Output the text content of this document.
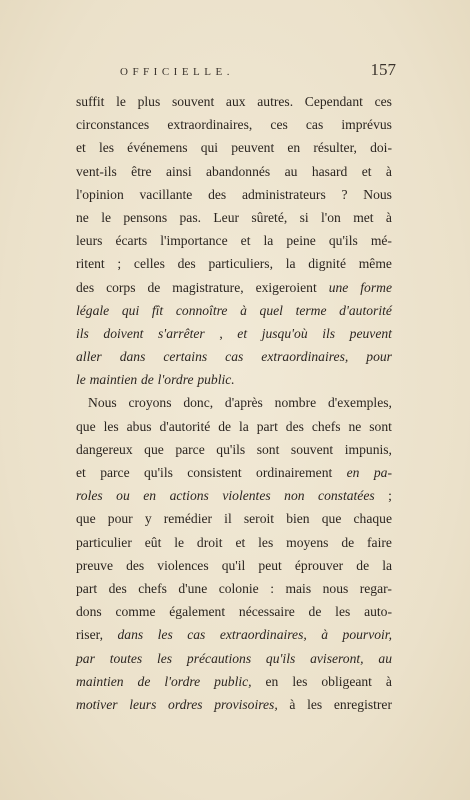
OFFICIELLE.	157
suffit le plus souvent aux autres. Cependant ces
circonstances extraordinaires, ces cas imprévus
et les événemens qui peuvent en résulter, doi-
vent-ils être ainsi abandonnés au hasard et à
l'opinion vacillante des administrateurs ? Nous
ne le pensons pas. Leur sûreté, si l'on met à
leurs écarts l'importance et la peine qu'ils mé-
ritent ; celles des particuliers, la dignité même
des corps de magistrature, exigeroient une forme
légale qui fît connoître à quel terme d'autorité
ils doivent s'arrêter , et jusqu'où ils peuvent
aller dans certains cas extraordinaires, pour
le maintien de l'ordre public.
Nous croyons donc, d'après nombre d'exemples,
que les abus d'autorité de la part des chefs ne sont
dangereux que parce qu'ils sont souvent impunis,
et parce qu'ils consistent ordinairement en pa-
roles ou en actions violentes non constatées ;
que pour y remédier il seroit bien que chaque
particulier eût le droit et les moyens de faire
preuve des violences qu'il peut éprouver de la
part des chefs d'une colonie : mais nous regar-
dons comme également nécessaire de les auto-
riser, dans les cas extraordinaires, à pourvoir,
par toutes les précautions qu'ils aviseront, au
maintien de l'ordre public, en les obligeant à
motiver leurs ordres provisoires, à les enregistrer
